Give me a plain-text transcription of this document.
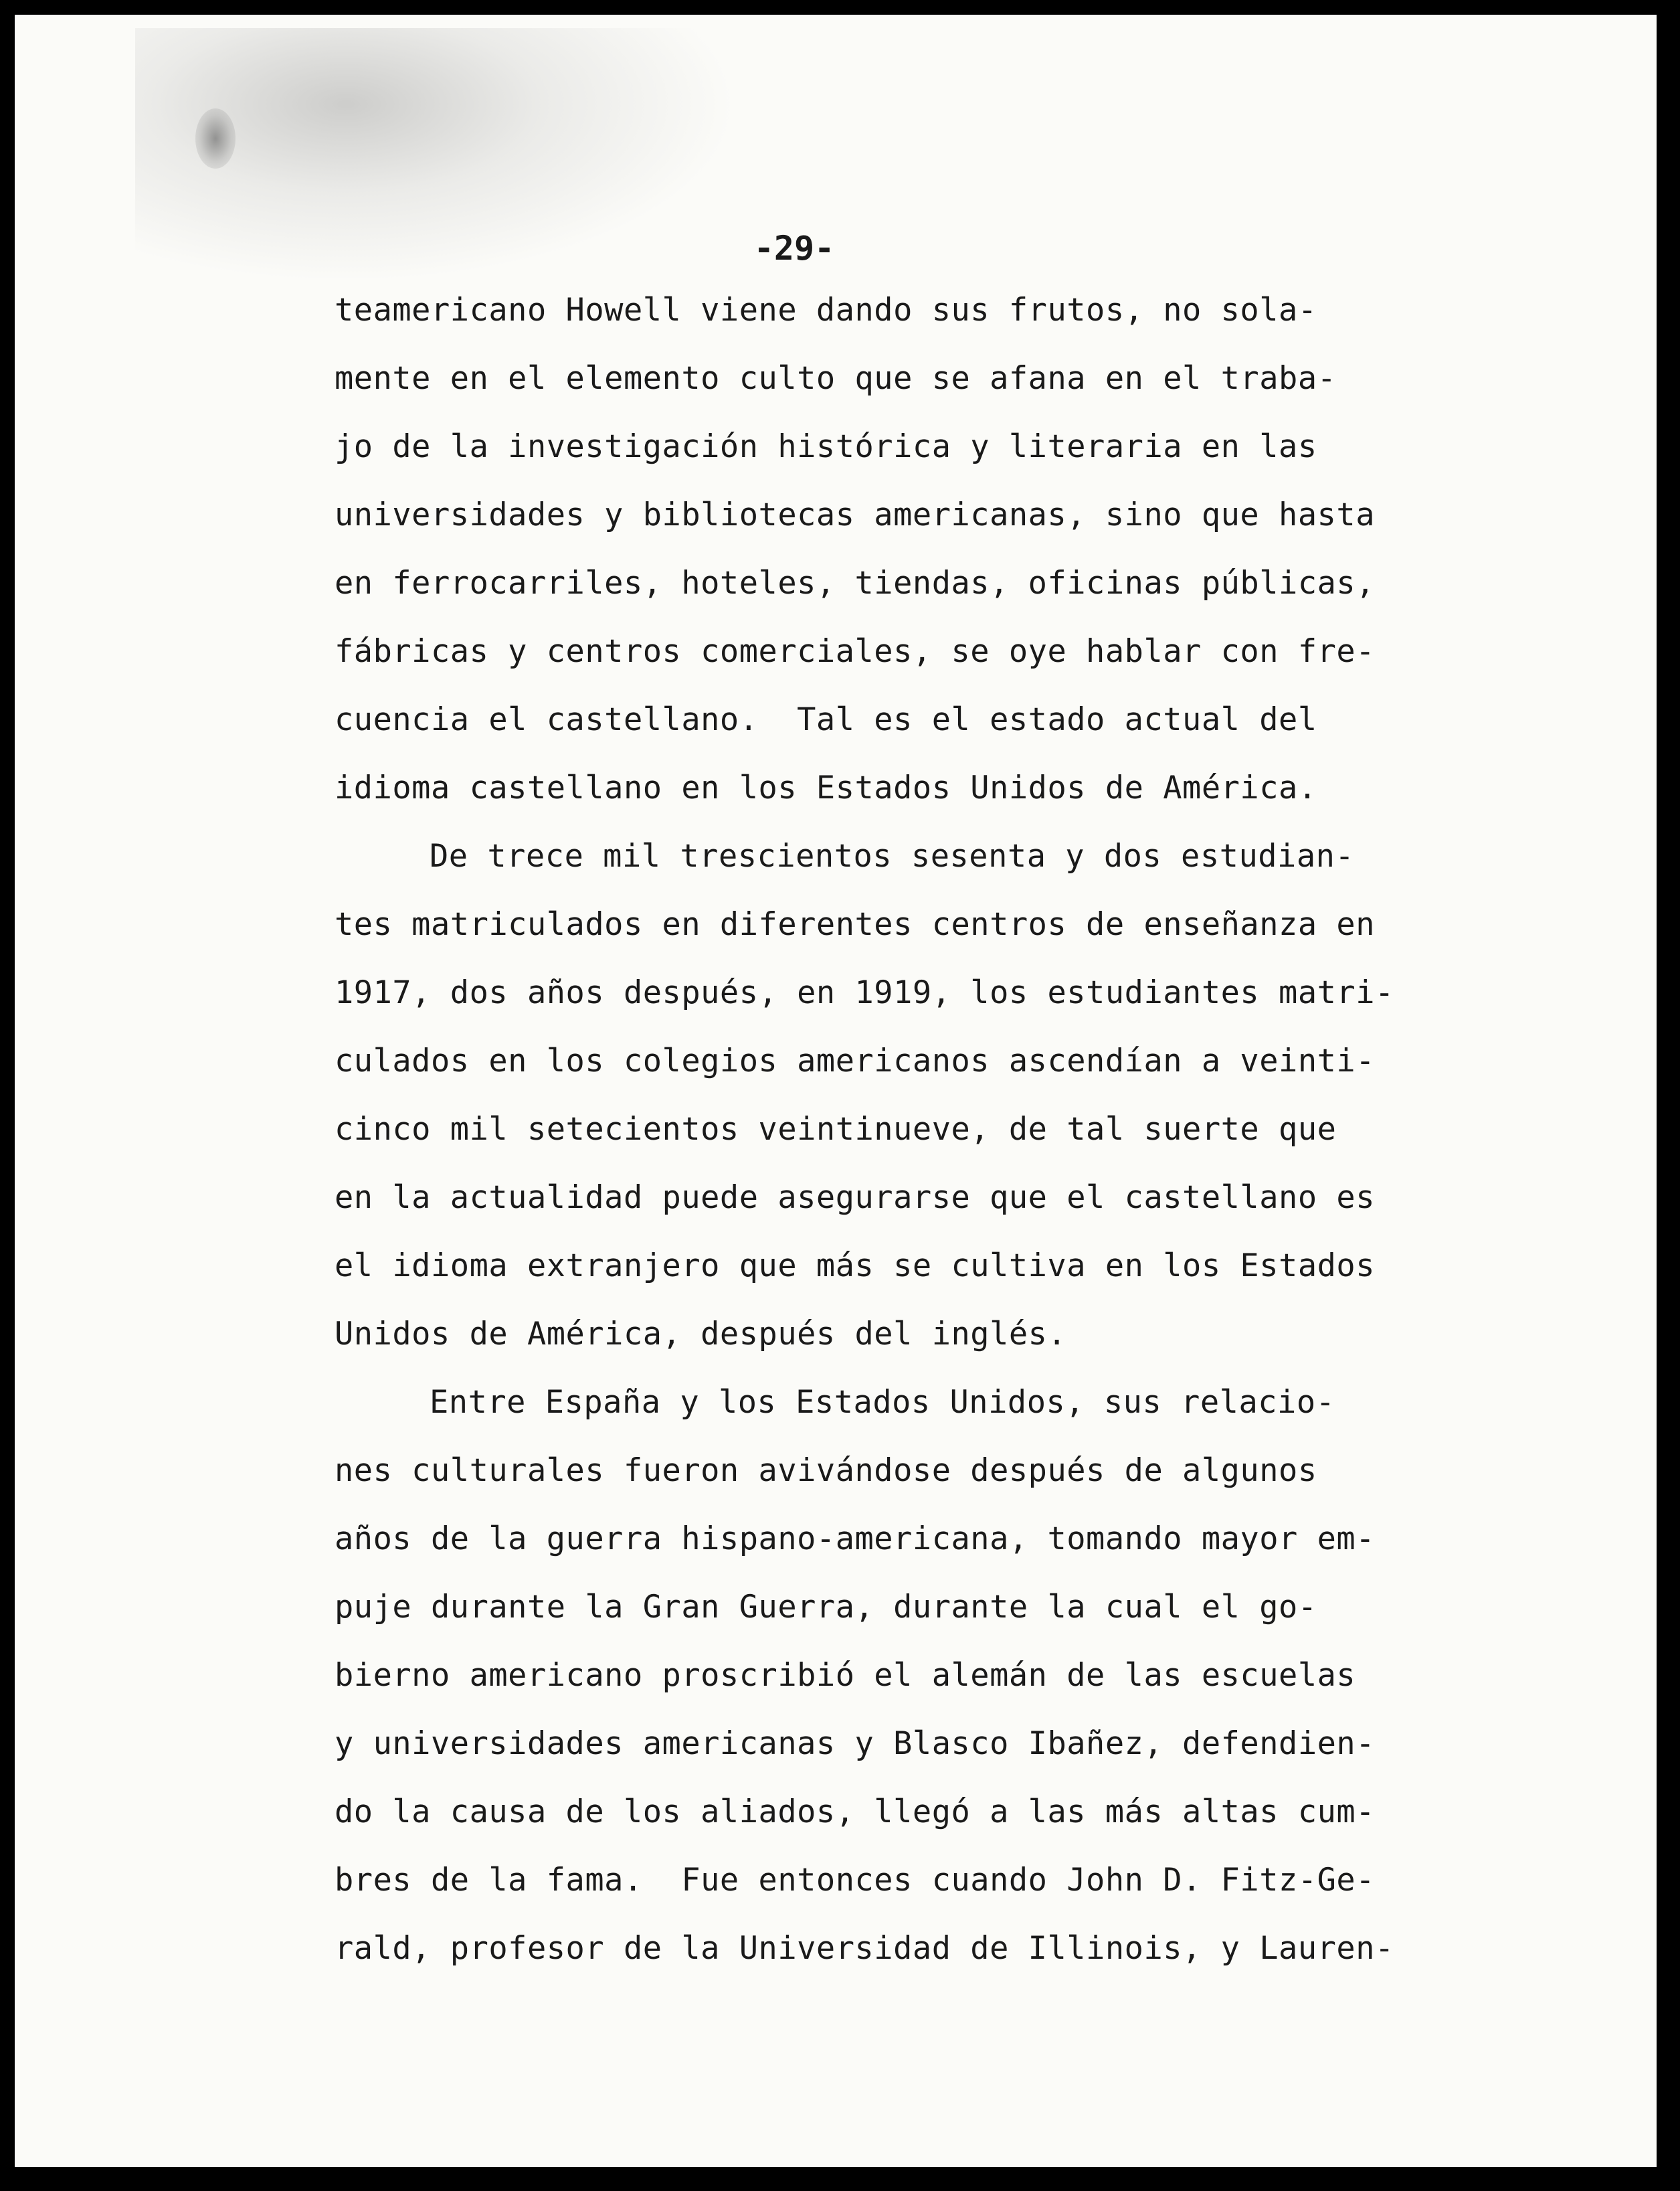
-29-
teamericano Howell viene dando sus frutos, no sola-
mente en el elemento culto que se afana en el traba-
jo de la investigación histórica y literaria en las
universidades y bibliotecas americanas, sino que hasta
en ferrocarriles, hoteles, tiendas, oficinas públicas,
fábricas y centros comerciales, se oye hablar con fre-
cuencia el castellano.  Tal es el estado actual del
idioma castellano en los Estados Unidos de América.
De trece mil trescientos sesenta y dos estudian-
tes matriculados en diferentes centros de enseñanza en
1917, dos años después, en 1919, los estudiantes matri-
culados en los colegios americanos ascendían a veinti-
cinco mil setecientos veintinueve, de tal suerte que
en la actualidad puede asegurarse que el castellano es
el idioma extranjero que más se cultiva en los Estados
Unidos de América, después del inglés.
Entre España y los Estados Unidos, sus relacio-
nes culturales fueron avivándose después de algunos
años de la guerra hispano-americana, tomando mayor em-
puje durante la Gran Guerra, durante la cual el go-
bierno americano proscribió el alemán de las escuelas
y universidades americanas y Blasco Ibañez, defendien-
do la causa de los aliados, llegó a las más altas cum-
bres de la fama.  Fue entonces cuando John D. Fitz-Ge-
rald, profesor de la Universidad de Illinois, y Lauren-
